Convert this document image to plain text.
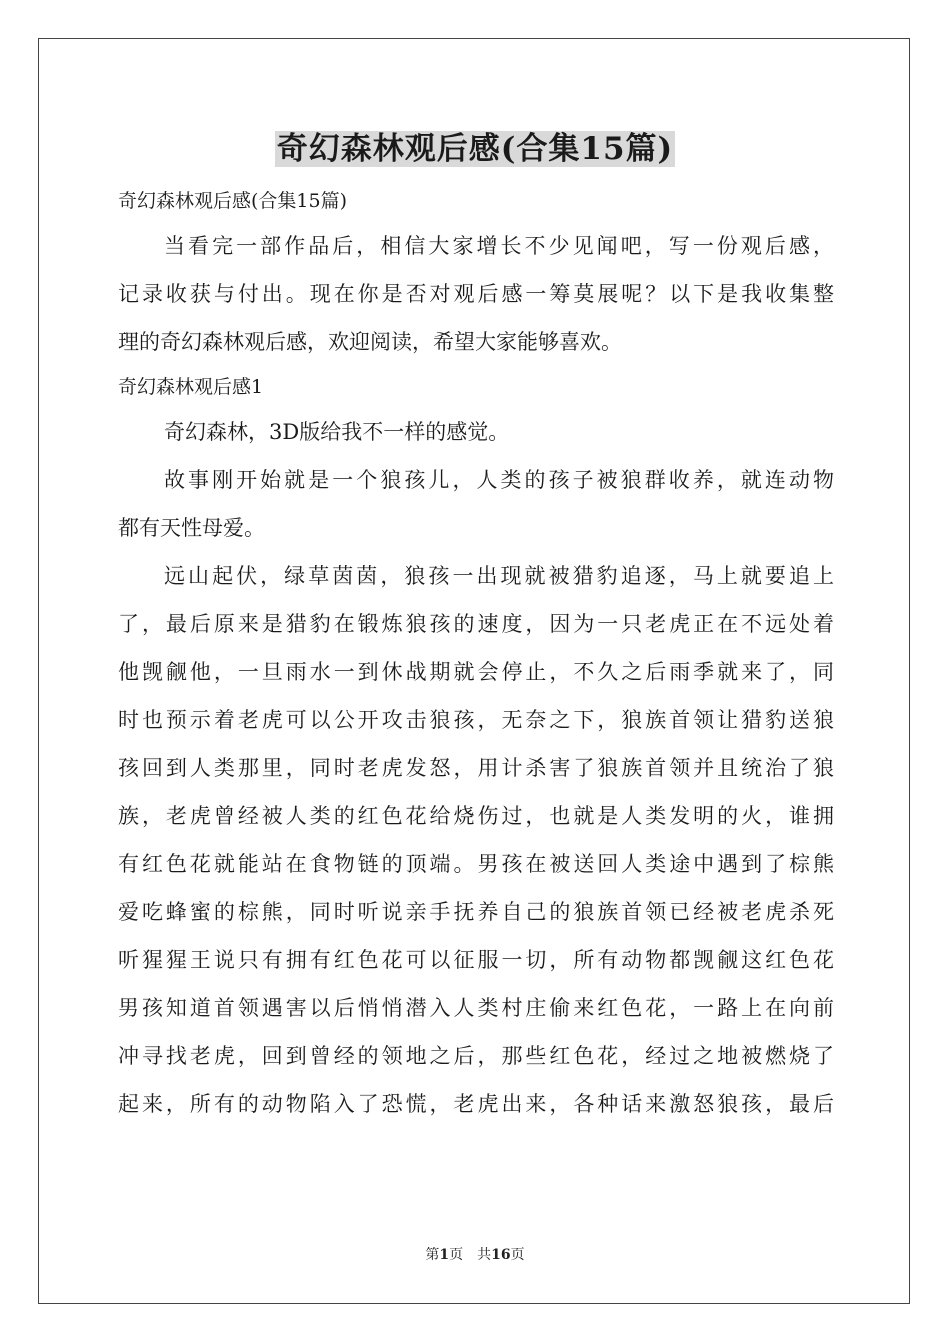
奇幻森林观后感(合集15篇)
奇幻森林观后感(合集15篇)
当看完一部作品后，相信大家增长不少见闻吧，写一份观后感，
记录收获与付出。现在你是否对观后感一筹莫展呢？以下是我收集整
理的奇幻森林观后感，欢迎阅读，希望大家能够喜欢。
奇幻森林观后感1
奇幻森林，3D版给我不一样的感觉。
故事刚开始就是一个狼孩儿，人类的孩子被狼群收养，就连动物
都有天性母爱。
远山起伏，绿草茵茵，狼孩一出现就被猎豹追逐，马上就要追上
了，最后原来是猎豹在锻炼狼孩的速度，因为一只老虎正在不远处着
他觊觎他，一旦雨水一到休战期就会停止，不久之后雨季就来了，同
时也预示着老虎可以公开攻击狼孩，无奈之下，狼族首领让猎豹送狼
孩回到人类那里，同时老虎发怒，用计杀害了狼族首领并且统治了狼
族，老虎曾经被人类的红色花给烧伤过，也就是人类发明的火，谁拥
有红色花就能站在食物链的顶端。男孩在被送回人类途中遇到了棕熊
爱吃蜂蜜的棕熊，同时听说亲手抚养自己的狼族首领已经被老虎杀死
听猩猩王说只有拥有红色花可以征服一切，所有动物都觊觎这红色花
男孩知道首领遇害以后悄悄潜入人类村庄偷来红色花，一路上在向前
冲寻找老虎，回到曾经的领地之后，那些红色花，经过之地被燃烧了
起来，所有的动物陷入了恐慌，老虎出来，各种话来激怒狼孩，最后
第1页　共16页
